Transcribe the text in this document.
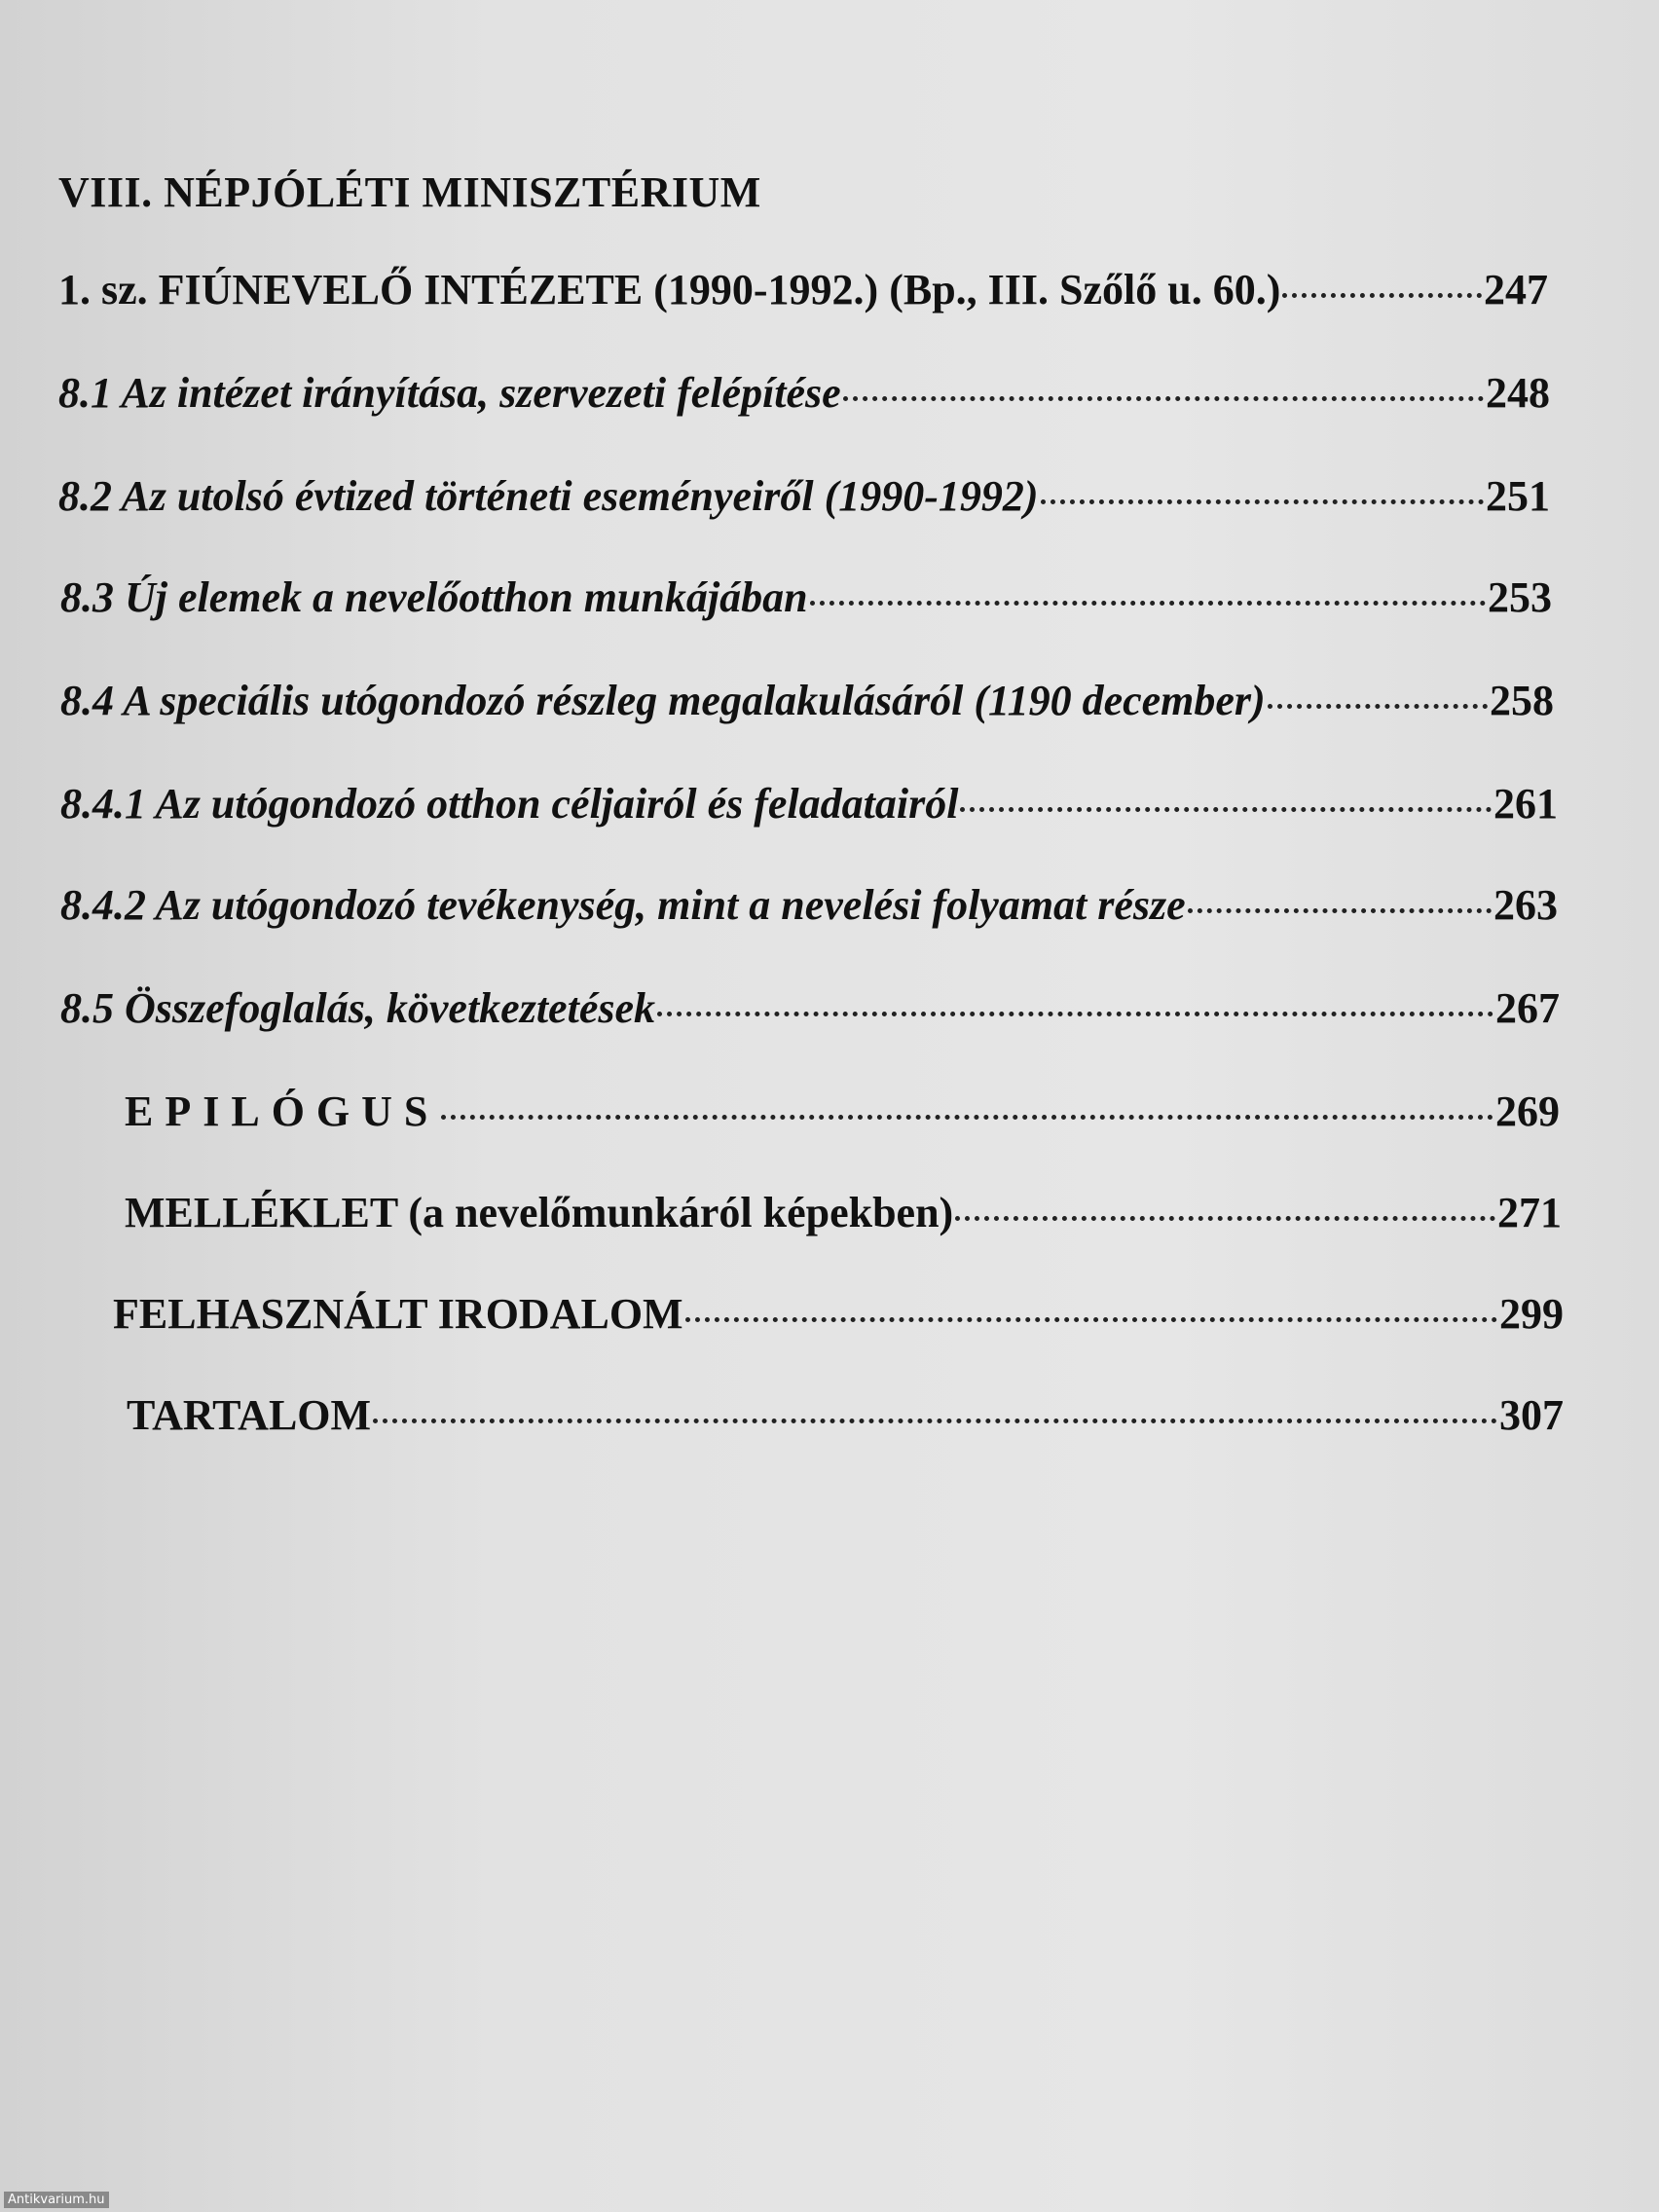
VIII. NÉPJÓLÉTI MINISZTÉRIUM
1. sz. FIÚNEVELŐ INTÉZETE (1990-1992.) (Bp., III. Szőlő u. 60.)	247
8.1 Az intézet irányítása, szervezeti felépítése	248
8.2 Az utolsó évtized történeti eseményeiről (1990-1992)	251
8.3 Új elemek a nevelőotthon munkájában	253
8.4 A speciális utógondozó részleg megalakulásáról (1190 december)	258
8.4.1 Az utógondozó otthon céljairól és feladatairól	261
8.4.2 Az utógondozó tevékenység, mint a nevelési folyamat része	263
8.5 Összefoglalás, következtetések	267
EPILÓGUS	269
MELLÉKLET (a nevelőmunkáról képekben)	271
FELHASZNÁLT IRODALOM	299
TARTALOM	307
Antikvarium.hu
